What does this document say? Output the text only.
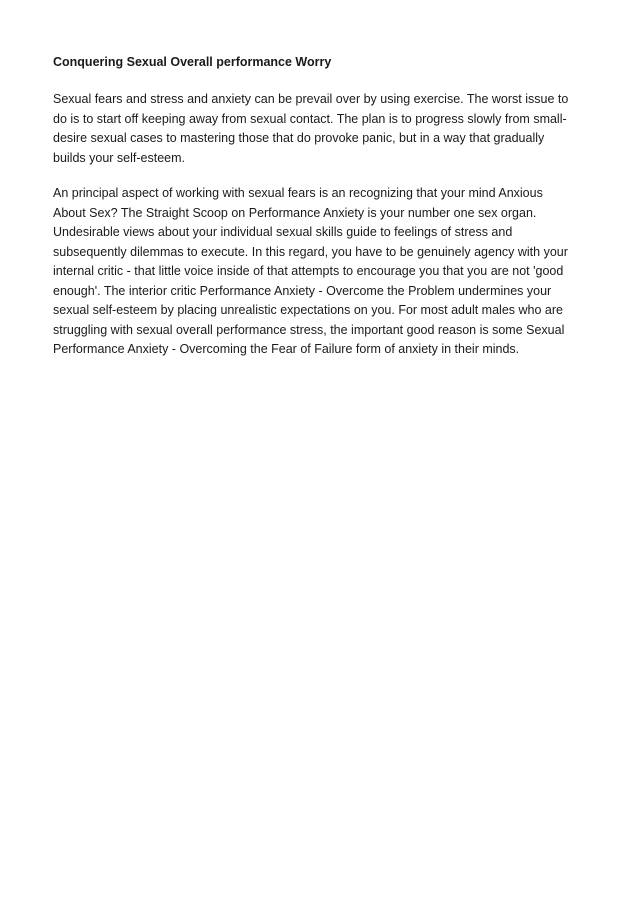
Conquering Sexual Overall performance Worry
Sexual fears and stress and anxiety can be prevail over by using exercise. The worst issue to
do is to start off keeping away from sexual contact. The plan is to progress slowly from small-
desire sexual cases to mastering those that do provoke panic, but in a way that gradually
builds your self-esteem.
An principal aspect of working with sexual fears is an recognizing that your mind Anxious
About Sex? The Straight Scoop on Performance Anxiety is your number one sex organ.
Undesirable views about your individual sexual skills guide to feelings of stress and
subsequently dilemmas to execute. In this regard, you have to be genuinely agency with your
internal critic - that little voice inside of that attempts to encourage you that you are not 'good
enough'. The interior critic Performance Anxiety - Overcome the Problem undermines your
sexual self-esteem by placing unrealistic expectations on you. For most adult males who are
struggling with sexual overall performance stress, the important good reason is some Sexual
Performance Anxiety - Overcoming the Fear of Failure form of anxiety in their minds.
